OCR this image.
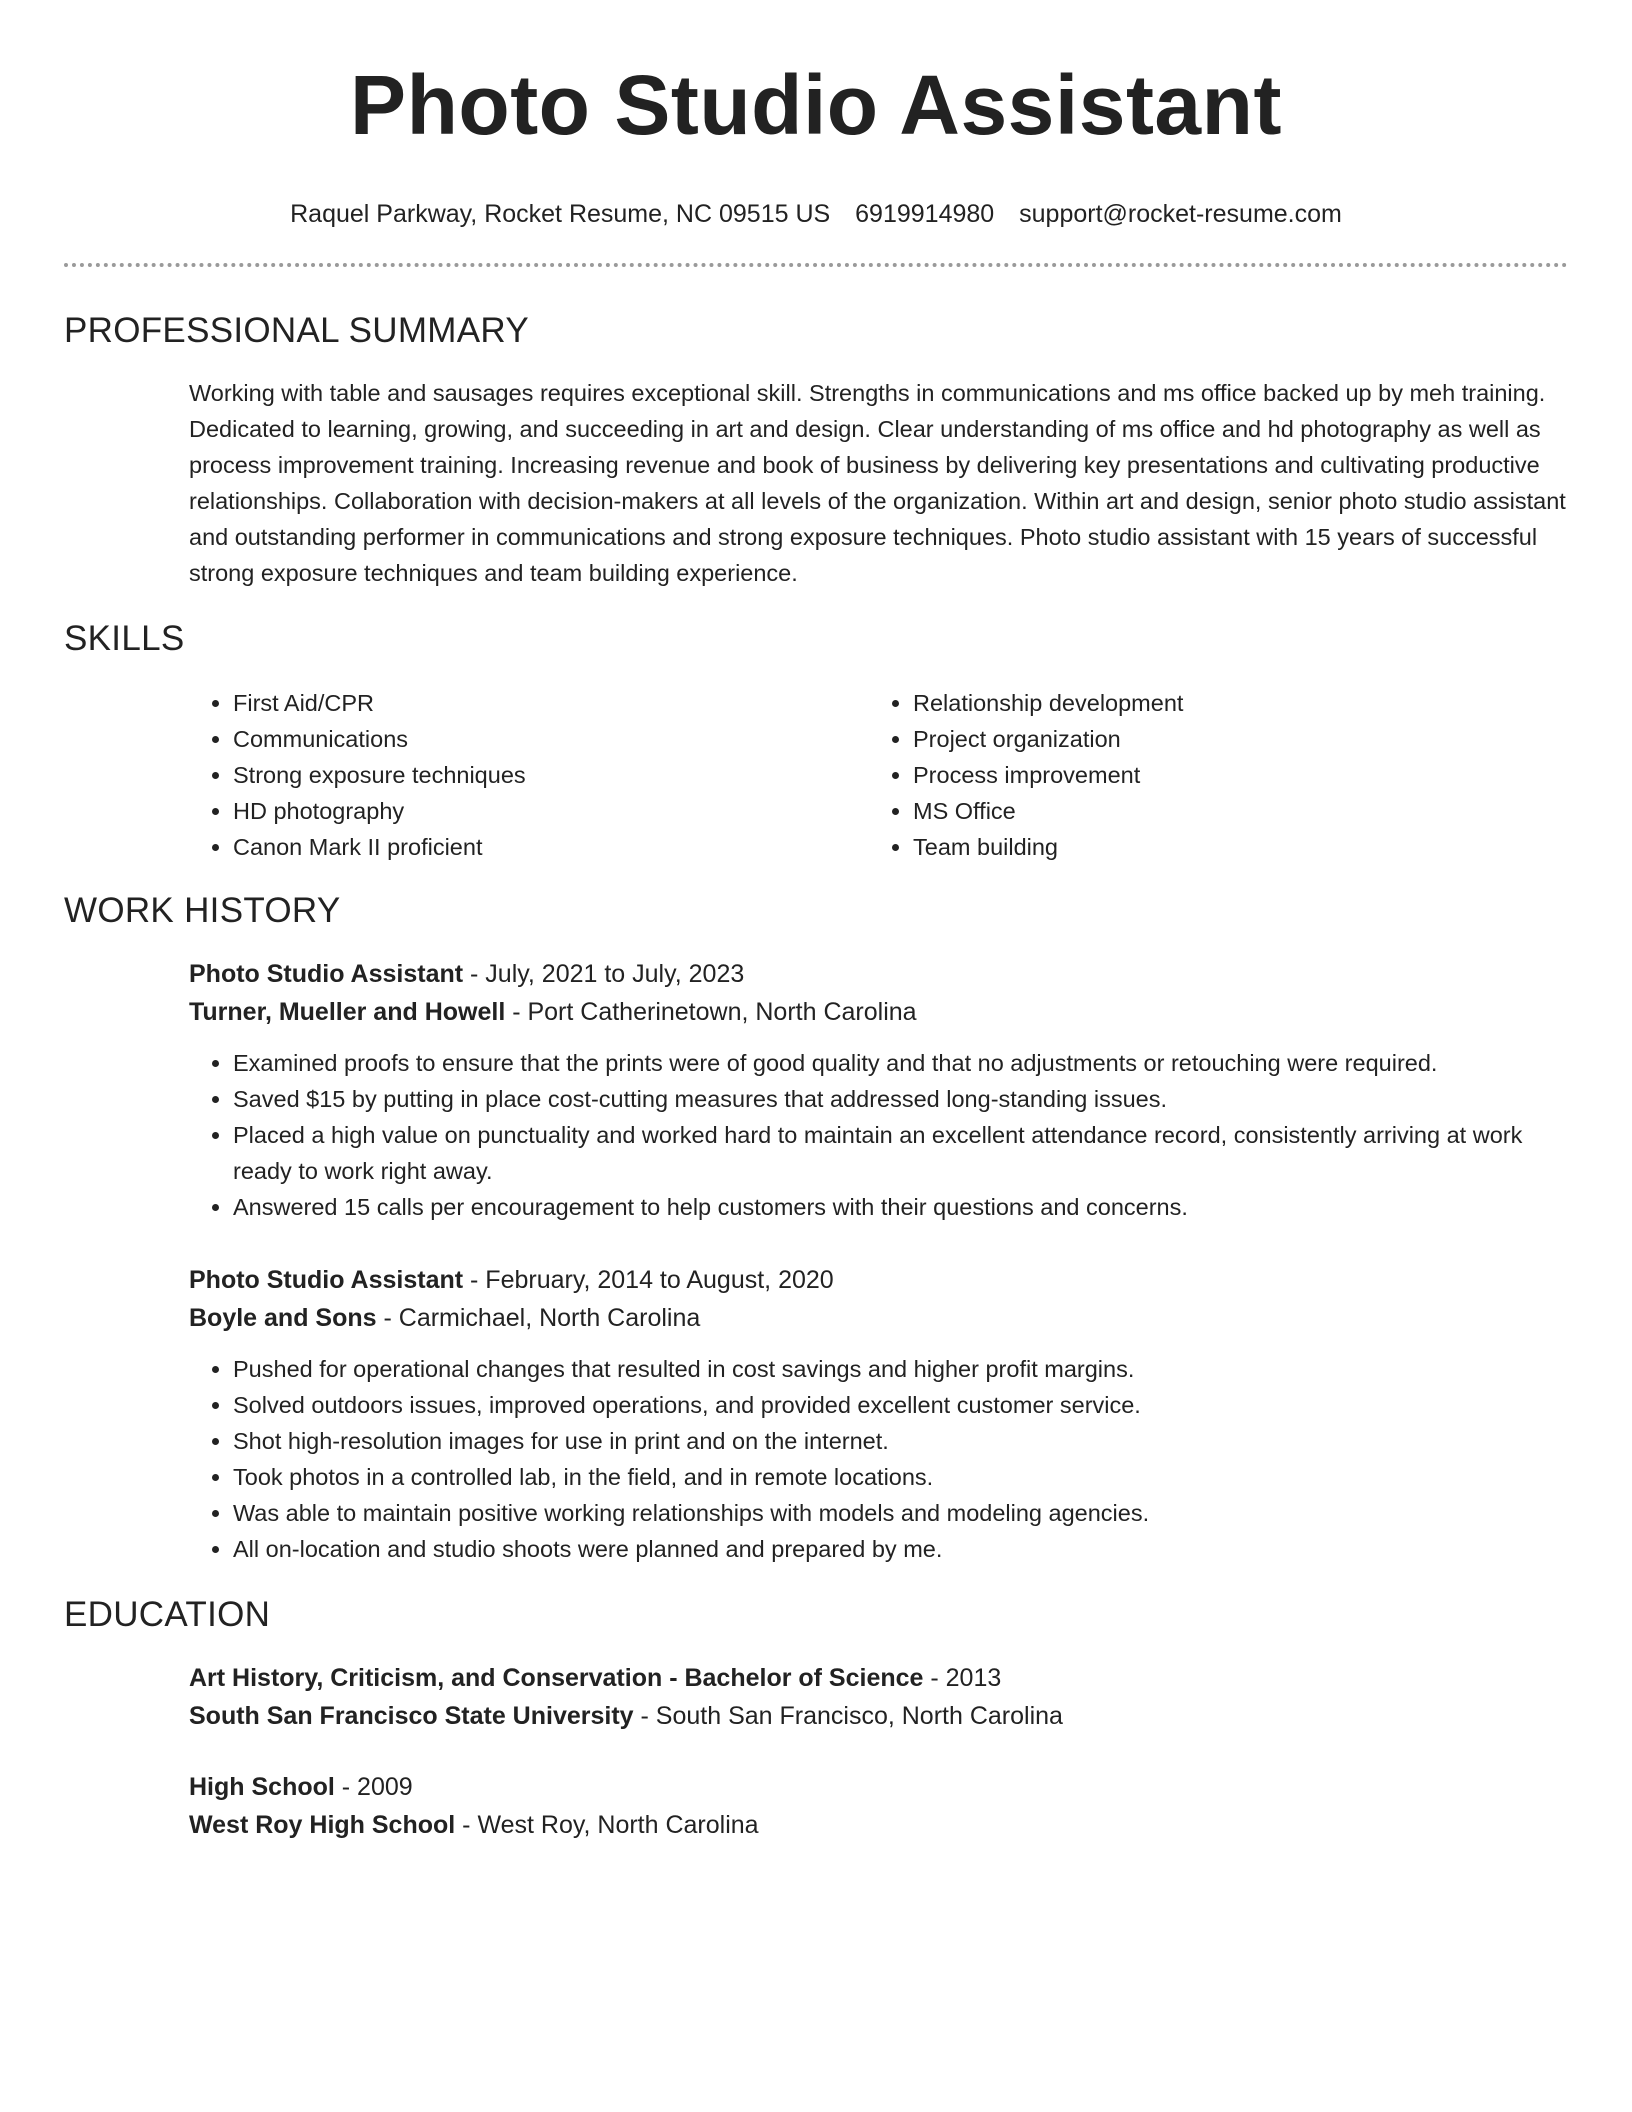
Photo Studio Assistant
Raquel Parkway, Rocket Resume, NC 09515 US 6919914980 support@rocket-resume.com
PROFESSIONAL SUMMARY
Working with table and sausages requires exceptional skill. Strengths in communications and ms office backed up by meh training. Dedicated to learning, growing, and succeeding in art and design. Clear understanding of ms office and hd photography as well as process improvement training. Increasing revenue and book of business by delivering key presentations and cultivating productive relationships. Collaboration with decision-makers at all levels of the organization. Within art and design, senior photo studio assistant and outstanding performer in communications and strong exposure techniques. Photo studio assistant with 15 years of successful strong exposure techniques and team building experience.
SKILLS
• First Aid/CPR
• Communications
• Strong exposure techniques
• HD photography
• Canon Mark II proficient
• Relationship development
• Project organization
• Process improvement
• MS Office
• Team building
WORK HISTORY
Photo Studio Assistant - July, 2021 to July, 2023
Turner, Mueller and Howell - Port Catherinetown, North Carolina
• Examined proofs to ensure that the prints were of good quality and that no adjustments or retouching were required.
• Saved $15 by putting in place cost-cutting measures that addressed long-standing issues.
• Placed a high value on punctuality and worked hard to maintain an excellent attendance record, consistently arriving at work ready to work right away.
• Answered 15 calls per encouragement to help customers with their questions and concerns.
Photo Studio Assistant - February, 2014 to August, 2020
Boyle and Sons - Carmichael, North Carolina
• Pushed for operational changes that resulted in cost savings and higher profit margins.
• Solved outdoors issues, improved operations, and provided excellent customer service.
• Shot high-resolution images for use in print and on the internet.
• Took photos in a controlled lab, in the field, and in remote locations.
• Was able to maintain positive working relationships with models and modeling agencies.
• All on-location and studio shoots were planned and prepared by me.
EDUCATION
Art History, Criticism, and Conservation - Bachelor of Science - 2013
South San Francisco State University - South San Francisco, North Carolina
High School - 2009
West Roy High School - West Roy, North Carolina
